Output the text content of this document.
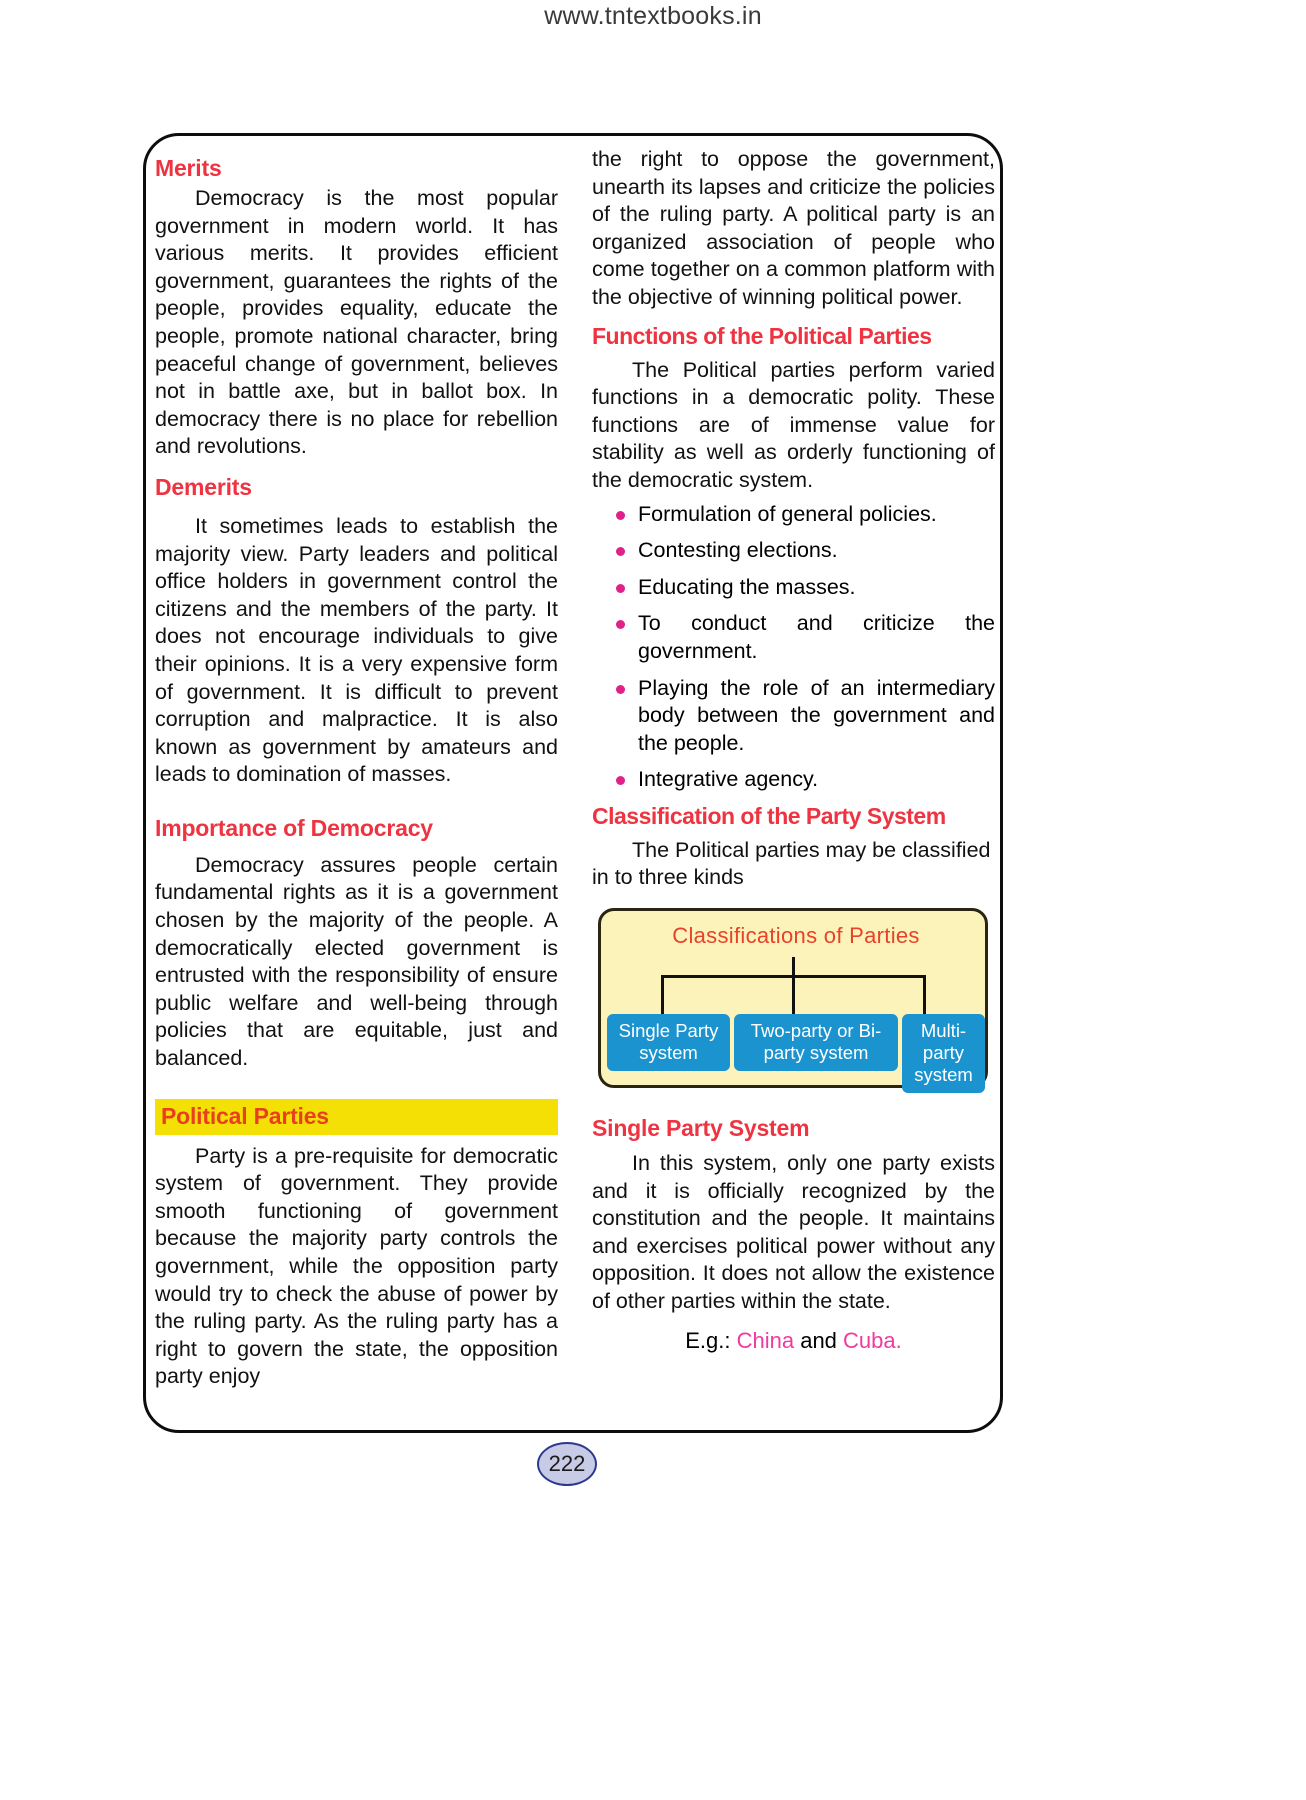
www.tntextbooks.in
Merits

Democracy is the most popular government in modern world. It has various merits. It provides efficient government, guarantees the rights of the people, provides equality, educate the people, promote national character, bring peaceful change of government, believes not in battle axe, but in ballot box. In democracy there is no place for rebellion and revolutions.

Demerits

It sometimes leads to establish the majority view. Party leaders and political office holders in government control the citizens and the members of the party. It does not encourage individuals to give their opinions. It is a very expensive form of government. It is difficult to prevent corruption and malpractice. It is also known as government by amateurs and leads to domination of masses.

Importance of Democracy

Democracy assures people certain fundamental rights as it is a government chosen by the majority of the people. A democratically elected government is entrusted with the responsibility of ensure public welfare and well-being through policies that are equitable, just and balanced.

Political Parties

Party is a pre-requisite for democratic system of government. They provide smooth functioning of government because the majority party controls the government, while the opposition party would try to check the abuse of power by the ruling party. As the ruling party has a right to govern the state, the opposition party enjoy

the right to oppose the government, unearth its lapses and criticize the policies of the ruling party. A political party is an organized association of people who come together on a common platform with the objective of winning political power.

Functions of the Political Parties

The Political parties perform varied functions in a democratic polity. These functions are of immense value for stability as well as orderly functioning of the democratic system.

Formulation of general policies.
Contesting elections.
Educating the masses.
To conduct and criticize the government.
Playing the role of an intermediary body between the government and the people.
Integrative agency.
Classification of the Party System

The Political parties may be classified in to three kinds

Classifications of Parties
Single Party system
Two-party or Bi- party system
Multi-party system
Single Party System

In this system, only one party exists and it is officially recognized by the constitution and the people. It maintains and exercises political power without any opposition. It does not allow the existence of other parties within the state.

E.g.: China and Cuba.

222
